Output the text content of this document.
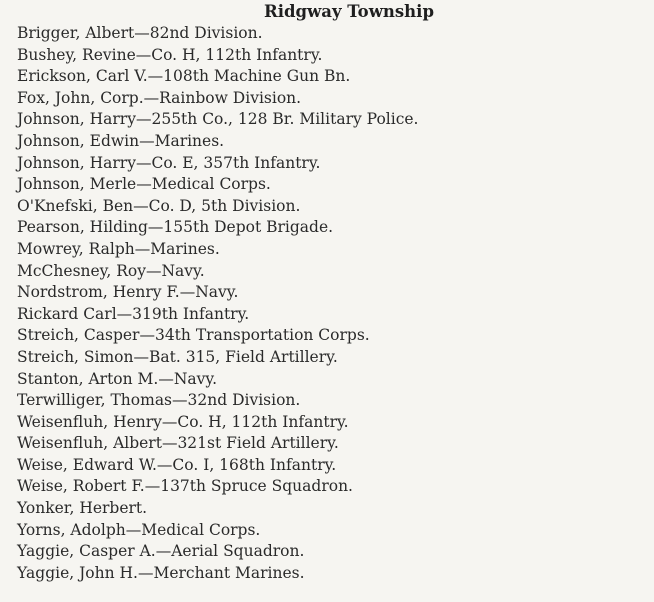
Ridgway Township
Brigger, Albert—82nd Division.
Bushey, Revine—Co. H, 112th Infantry.
Erickson, Carl V.—108th Machine Gun Bn.
Fox, John, Corp.—Rainbow Division.
Johnson, Harry—255th Co., 128 Br. Military Police.
Johnson, Edwin—Marines.
Johnson, Harry—Co. E, 357th Infantry.
Johnson, Merle—Medical Corps.
O'Knefski, Ben—Co. D, 5th Division.
Pearson, Hilding—155th Depot Brigade.
Mowrey, Ralph—Marines.
McChesney, Roy—Navy.
Nordstrom, Henry F.—Navy.
Rickard Carl—319th Infantry.
Streich, Casper—34th Transportation Corps.
Streich, Simon—Bat. 315, Field Artillery.
Stanton, Arton M.—Navy.
Terwilliger, Thomas—32nd Division.
Weisenfluh, Henry—Co. H, 112th Infantry.
Weisenfluh, Albert—321st Field Artillery.
Weise, Edward W.—Co. I, 168th Infantry.
Weise, Robert F.—137th Spruce Squadron.
Yonker, Herbert.
Yorns, Adolph—Medical Corps.
Yaggie, Casper A.—Aerial Squadron.
Yaggie, John H.—Merchant Marines.
